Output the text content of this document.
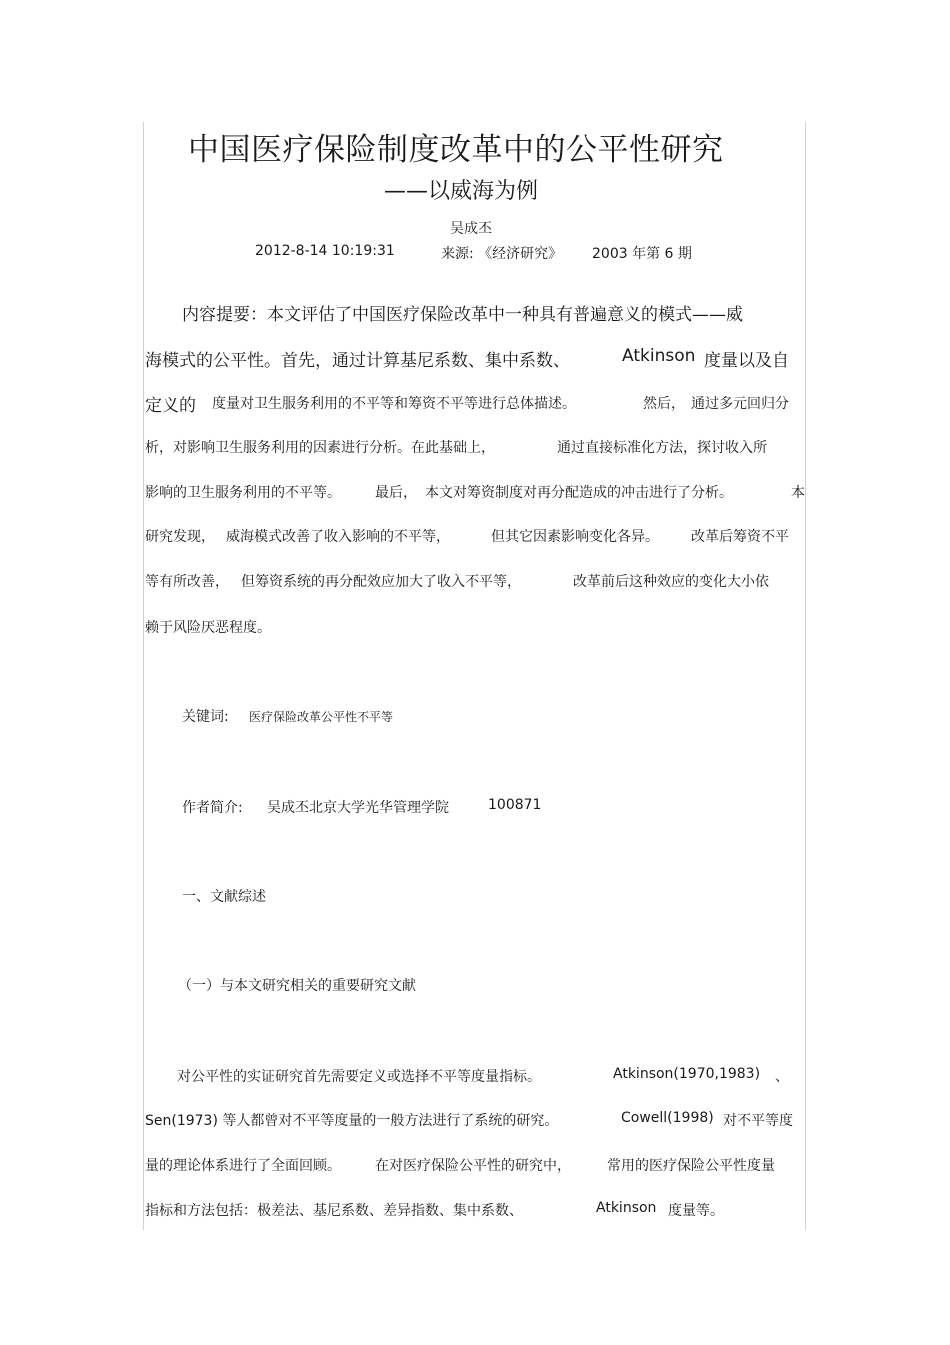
中国医疗保险制度改革中的公平性研究
——以威海为例
吴成丕
2012-8-14 10:19:31	来源: 《经济研究》 2003 年第 6 期
内容提要：本文评估了中国医疗保险改革中一种具有普遍意义的模式——威
海模式的公平性。首先，通过计算基尼系数、集中系数、	Atkinson 度量以及自
定义的 度量对卫生服务利用的不平等和筹资不平等进行总体描述。	然后， 通过多元回归分
析，对影响卫生服务利用的因素进行分析。在此基础上，	通过直接标准化方法，探讨收入所
影响的卫生服务利用的不平等。 最后， 本文对筹资制度对再分配造成的冲击进行了分析。	本
研究发现， 威海模式改善了收入影响的不平等，	但其它因素影响变化各异。 改革后筹资不平
等有所改善， 但筹资系统的再分配效应加大了收入不平等，	改革前后这种效应的变化大小依
赖于风险厌恶程度。
关键词: 医疗保险改革公平性不平等
作者简介: 吴成丕北京大学光华管理学院	100871
一、文献综述
（一）与本文研究相关的重要研究文献
对公平性的实证研究首先需要定义或选择不平等度量指标。	Atkinson(1970,1983) 、
Sen(1973) 等人都曾对不平等度量的一般方法进行了系统的研究。	Cowell(1998) 对不平等度
量的理论体系进行了全面回顾。 在对医疗保险公平性的研究中，	常用的医疗保险公平性度量
指标和方法包括：极差法、基尼系数、差异指数、集中系数、	Atkinson 度量等。
